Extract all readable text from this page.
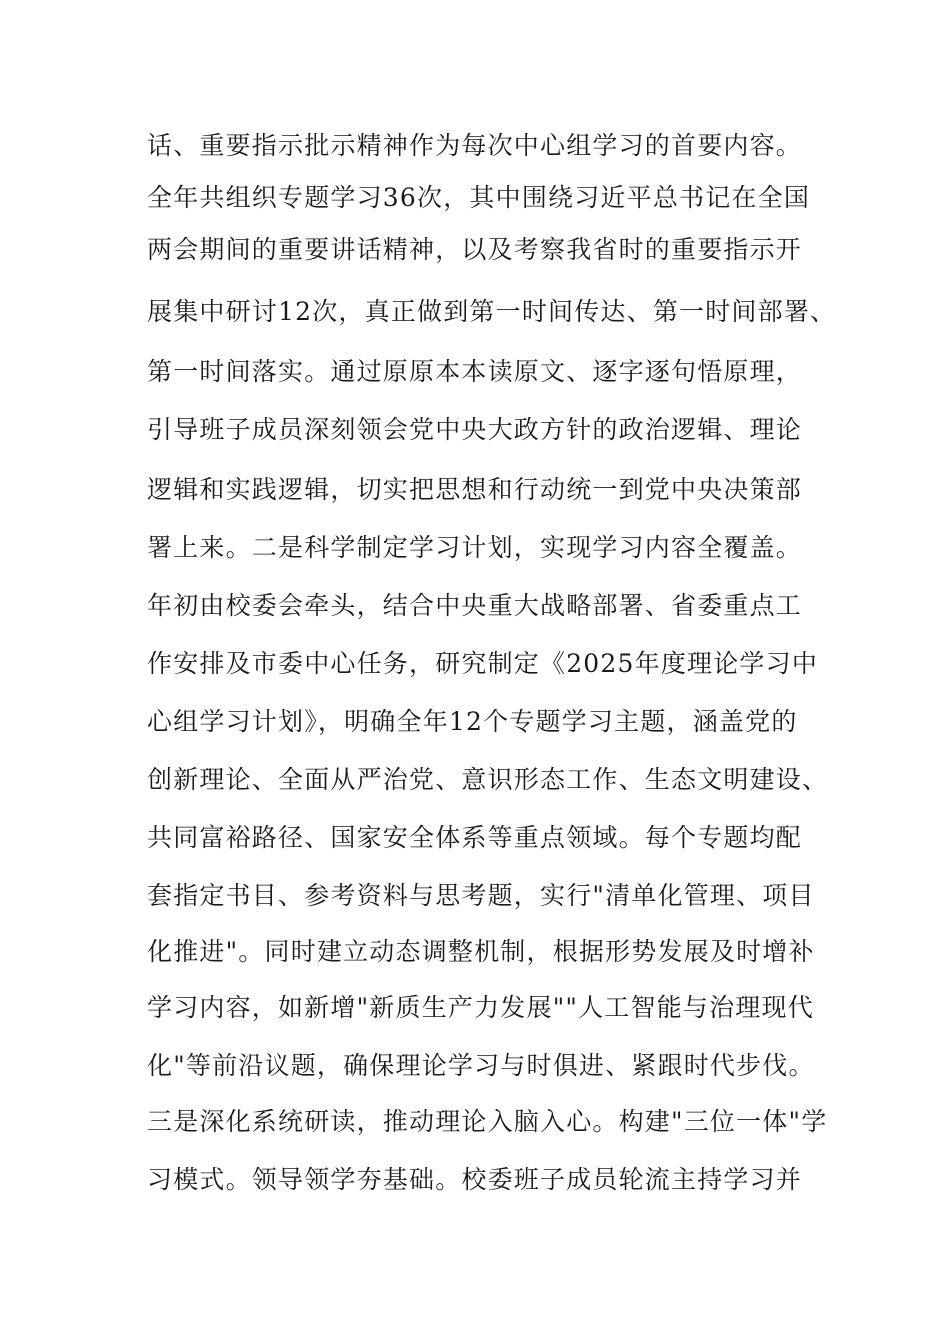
话、重要指示批示精神作为每次中心组学习的首要内容。
全年共组织专题学习36次，其中围绕习近平总书记在全国
两会期间的重要讲话精神，以及考察我省时的重要指示开
展集中研讨12次，真正做到第一时间传达、第一时间部署、
第一时间落实。通过原原本本读原文、逐字逐句悟原理，
引导班子成员深刻领会党中央大政方针的政治逻辑、理论
逻辑和实践逻辑，切实把思想和行动统一到党中央决策部
署上来。二是科学制定学习计划，实现学习内容全覆盖。
年初由校委会牵头，结合中央重大战略部署、省委重点工
作安排及市委中心任务，研究制定《2025年度理论学习中
心组学习计划》，明确全年12个专题学习主题，涵盖党的
创新理论、全面从严治党、意识形态工作、生态文明建设、
共同富裕路径、国家安全体系等重点领域。每个专题均配
套指定书目、参考资料与思考题，实行"清单化管理、项目
化推进"。同时建立动态调整机制，根据形势发展及时增补
学习内容，如新增"新质生产力发展""人工智能与治理现代
化"等前沿议题，确保理论学习与时俱进、紧跟时代步伐。
三是深化系统研读，推动理论入脑入心。构建"三位一体"学
习模式。领导领学夯基础。校委班子成员轮流主持学习并
